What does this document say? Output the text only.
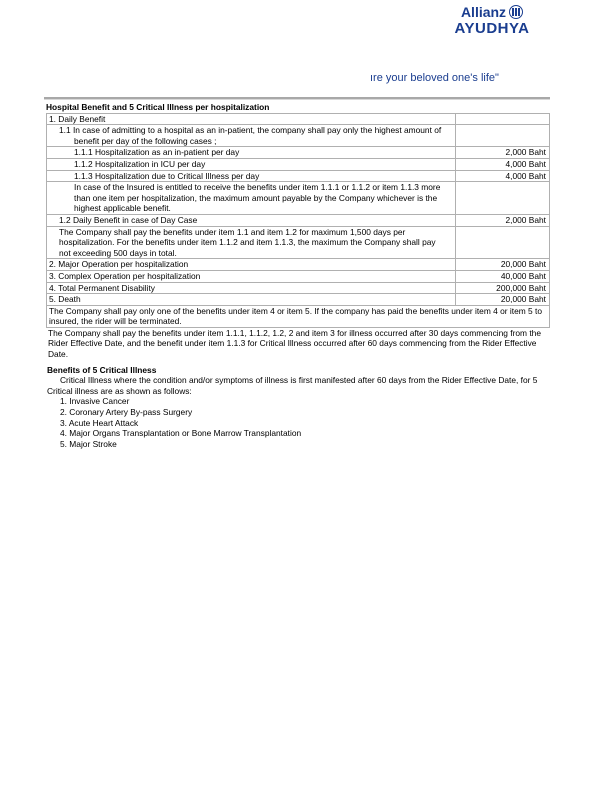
Allianz
AYUDHYA
ıre your beloved one's life"
Hospital Benefit and 5 Critical Illness per hospitalization
1. Daily Benefit	
1.1 In case of admitting to a hospital as an in-patient, the company shall pay only the highest amount of benefit per day of the following cases ;	
1.1.1 Hospitalization as an in-patient per day	2,000 Baht
1.1.2 Hospitalization in ICU per day	4,000 Baht
1.1.3 Hospitalization due to Critical Illness per day	4,000 Baht
In case of the Insured is entitled to receive the benefits under item 1.1.1 or 1.1.2 or item 1.1.3 more than one item per hospitalization, the maximum amount payable by the Company whichever is the highest applicable benefit.	
1.2 Daily Benefit in case of Day Case	2,000 Baht
The Company shall pay the benefits under item 1.1 and item 1.2 for maximum 1,500 days per hospitalization. For the benefits under item 1.1.2 and item 1.1.3, the maximum the Company shall pay not exceeding 500 days in total.	
2. Major Operation per hospitalization	20,000 Baht
3. Complex Operation per hospitalization	40,000 Baht
4. Total Permanent Disability	200,000 Baht
5. Death	20,000 Baht
The Company shall pay only one of the benefits under item 4 or item 5. If the company has paid the benefits under item 4 or item 5 to insured, the rider will be terminated.	

The Company shall pay the benefits under item 1.1.1, 1.1.2, 1.2, 2 and item 3 for illness occurred after 30 days commencing from the Rider Effective Date, and the benefit under item 1.1.3 for Critical Illness occurred after 60 days commencing from the Rider Effective Date.

Benefits of 5 Critical Illness

Critical Illness where the condition and/or symptoms of illness is first manifested after 60 days from the Rider Effective Date, for 5 Critical illness are as shown as follows:

1. Invasive Cancer
2. Coronary Artery By-pass Surgery
3. Acute Heart Attack
4. Major Organs Transplantation or Bone Marrow Transplantation
5. Major Stroke
